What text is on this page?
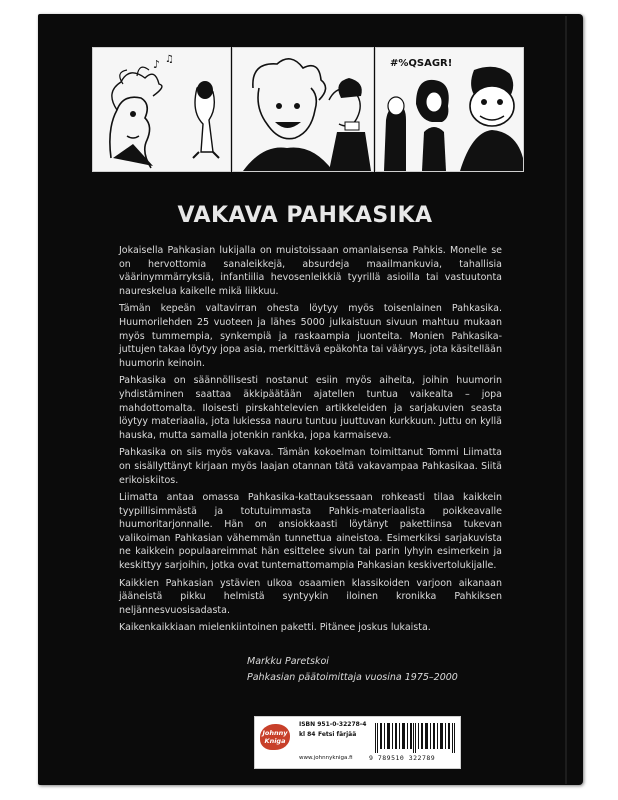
♪ ♫	#%QSAGR!
VAKAVA PAHKASIKA

Jokaisella Pahkasian lukijalla on muistoissaan omanlaisensa Pahkis. Monelle se on hervottomia sanaleikkejä, absurdeja maailmankuvia, tahallisia väärinymmärryksiä, infantiilia hevosenleikkiä tyyrillä asioilla tai vastuutonta naureskelua kaikelle mikä liikkuu.

Tämän kepeän valtavirran ohesta löytyy myös toisenlainen Pahkasika. Huumorilehden 25 vuoteen ja lähes 5000 julkaistuun sivuun mahtuu mukaan myös tummempia, synkempiä ja raskaampia juonteita. Monien Pahkasika-juttujen takaa löytyy jopa asia, merkittävä epäkohta tai vääryys, jota käsitellään huumorin keinoin.

Pahkasika on säännöllisesti nostanut esiin myös aiheita, joihin huumorin yhdistäminen saattaa äkkipäätään ajatellen tuntua vaikealta – jopa mahdottomalta. Iloisesti pirskahtelevien artikkeleiden ja sarjakuvien seasta löytyy materiaalia, jota lukiessa nauru tuntuu juuttuvan kurkkuun. Juttu on kyllä hauska, mutta samalla jotenkin rankka, jopa karmaiseva.

Pahkasika on siis myös vakava. Tämän kokoelman toimittanut Tommi Liimatta on sisällyttänyt kirjaan myös laajan otannan tätä vakavampaa Pahkasikaa. Siitä erikoiskiitos.

Liimatta antaa omassa Pahkasika-kattauksessaan rohkeasti tilaa kaikkein tyypillisimmästä ja totutuimmasta Pahkis-materiaalista poikkeavalle huumoritarjonnalle. Hän on ansiokkaasti löytänyt pakettiinsa tukevan valikoiman Pahkasian vähemmän tunnettua aineistoa. Esimerkiksi sarjakuvista ne kaikkein populaareimmat hän esittelee sivun tai parin lyhyin esimerkein ja keskittyy sarjoihin, jotka ovat tuntemattomampia Pahkasian keskivertolukijalle.

Kaikkien Pahkasian ystävien ulkoa osaamien klassikoiden varjoon aikanaan jääneistä pikku helmistä syntyykin iloinen kronikka Pahkiksen neljännesvuosisadasta.

Kaikenkaikkiaan mielenkiintoinen paketti. Pitänee joskus lukaista.

Markku Paretskoi
Pahkasian päätoimittaja vuosina 1975–2000
Johnny Kniga
ISBN 951-0-32278-4
kl 84 Fetsi färjää
www.johnnykniga.fi	9 789510 322789
